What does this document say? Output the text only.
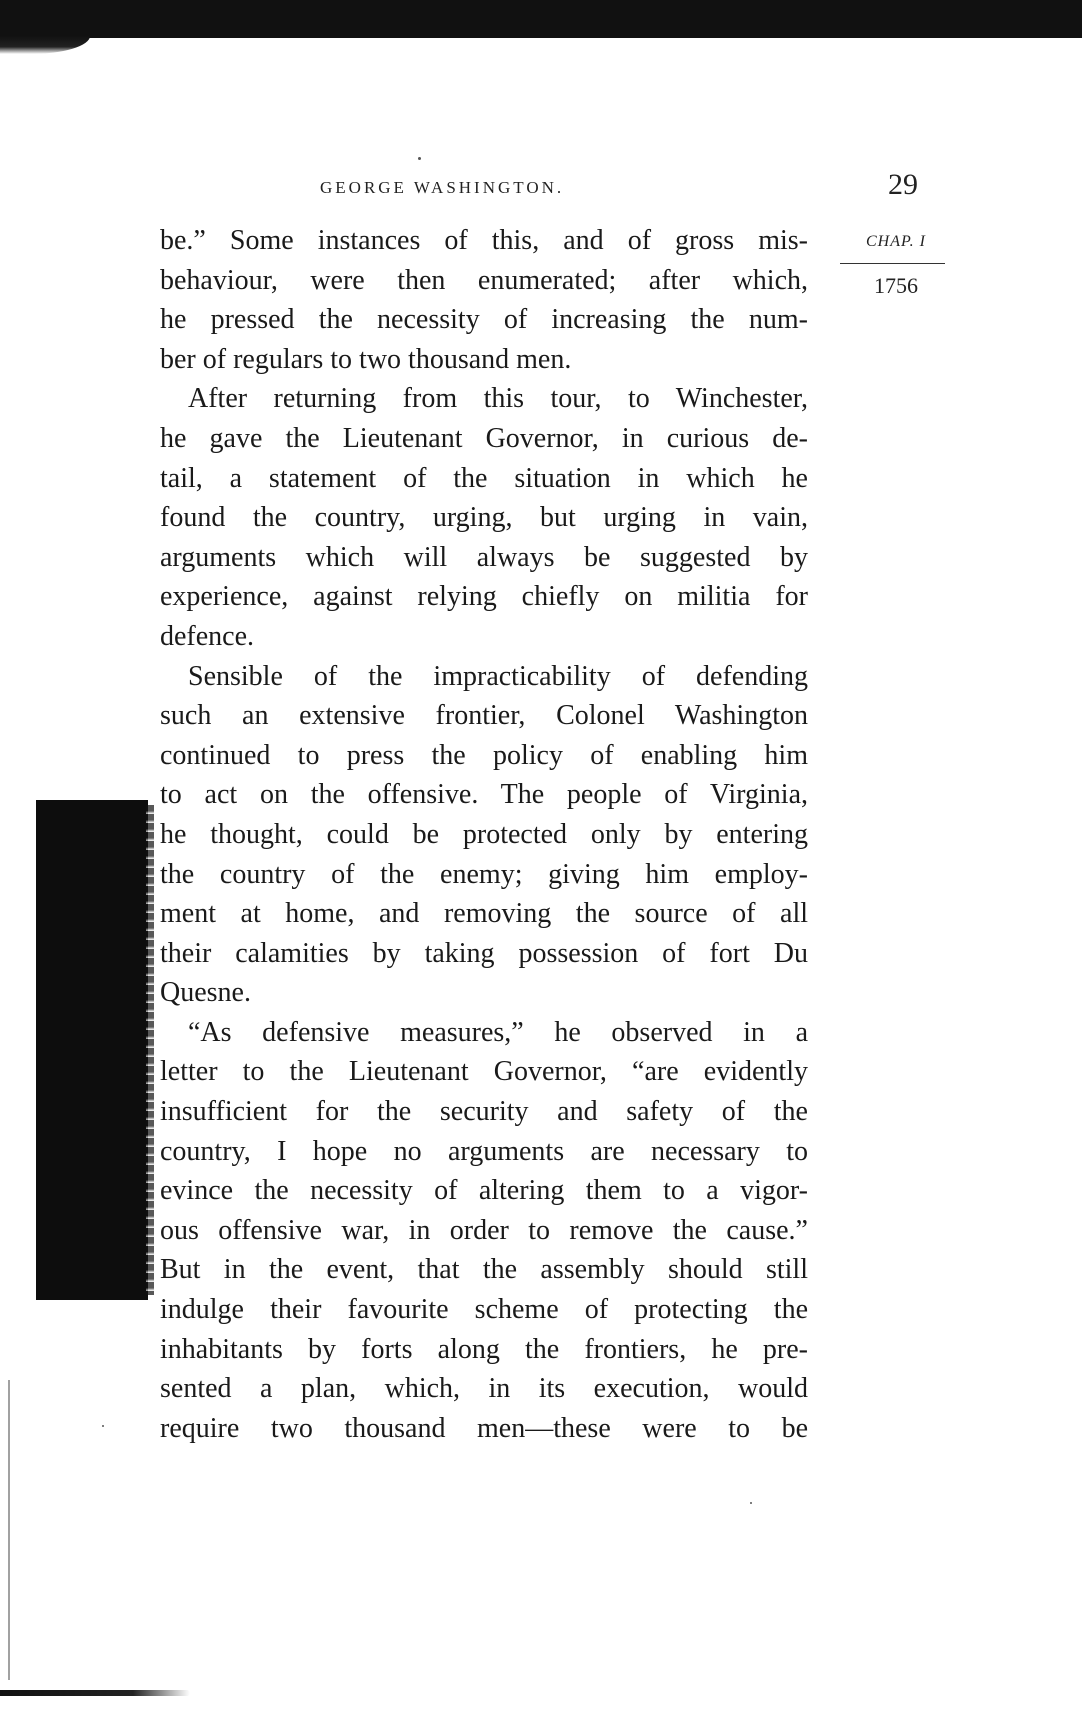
GEORGE WASHINGTON.	29
CHAP. I
1756
be.” Some instances of this, and of gross mis-
behaviour, were then enumerated; after which,
he pressed the necessity of increasing the num-
ber of regulars to two thousand men.
After returning from this tour, to Winchester,
he gave the Lieutenant Governor, in curious de-
tail, a statement of the situation in which he
found the country, urging, but urging in vain,
arguments which will always be suggested by
experience, against relying chiefly on militia for
defence.
Sensible of the impracticability of defending
such an extensive frontier, Colonel Washington
continued to press the policy of enabling him
to act on the offensive. The people of Virginia,
he thought, could be protected only by entering
the country of the enemy; giving him employ-
ment at home, and removing the source of all
their calamities by taking possession of fort Du
Quesne.
“As defensive measures,” he observed in a
letter to the Lieutenant Governor, “are evidently
insufficient for the security and safety of the
country, I hope no arguments are necessary to
evince the necessity of altering them to a vigor-
ous offensive war, in order to remove the cause.”
But in the event, that the assembly should still
indulge their favourite scheme of protecting the
inhabitants by forts along the frontiers, he pre-
sented a plan, which, in its execution, would
require two thousand men—these were to be
